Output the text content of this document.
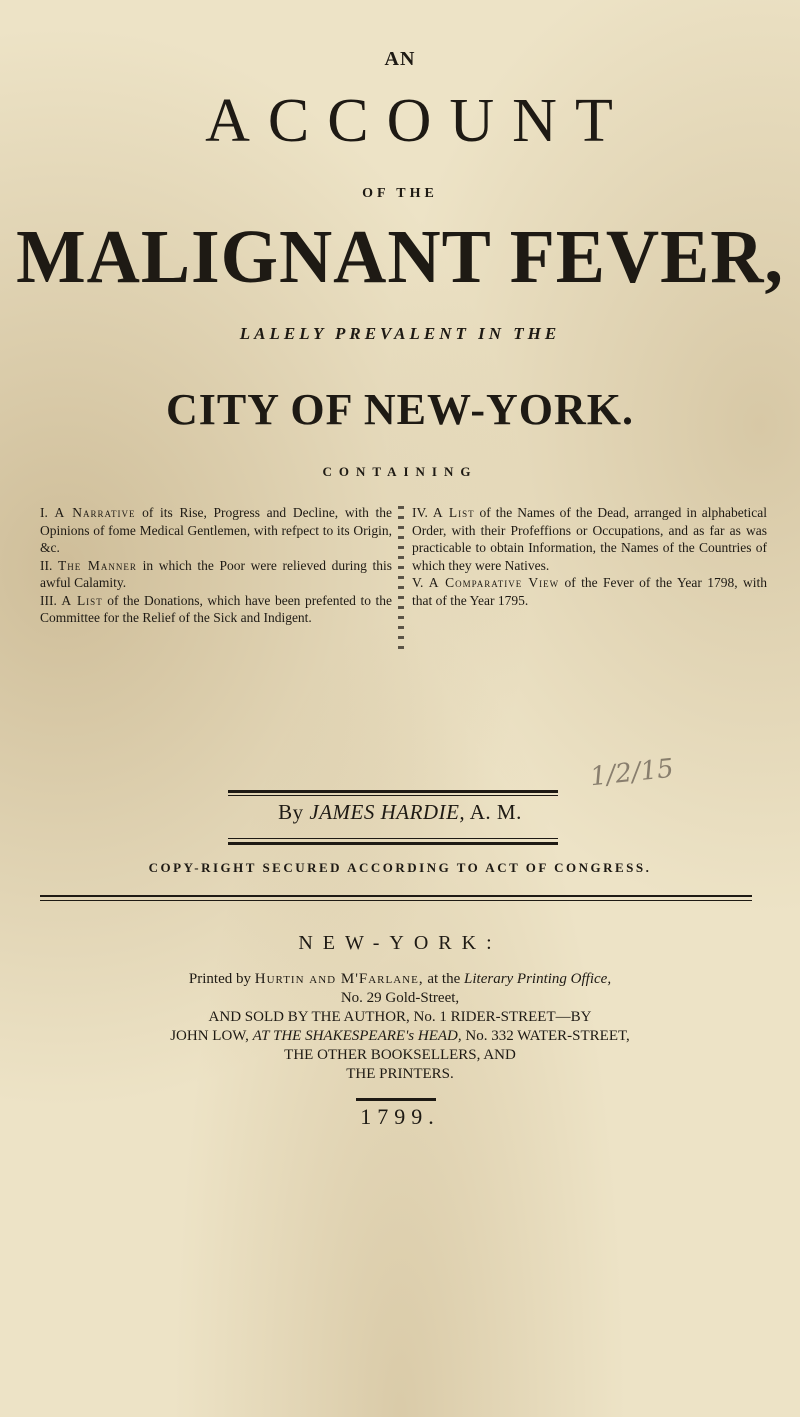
AN
ACCOUNT
OF THE
MALIGNANT FEVER,
LALELY PREVALENT IN THE
CITY OF NEW-YORK.
CONTAINING

I. A Narrative of its Rise, Progress and Decline, with the Opinions of fome Medical Gentlemen, with refpect to its Origin, &c.

II. The Manner in which the Poor were relieved during this awful Calamity.

III. A List of the Donations, which have been prefented to the Committee for the Relief of the Sick and Indigent.

IV. A List of the Names of the Dead, arranged in alphabetical Order, with their Profeffions or Occupations, and as far as was practicable to obtain Information, the Names of the Countries of which they were Natives.

V. A Comparative View of the Fever of the Year 1798, with that of the Year 1795.

1/2/15
By JAMES HARDIE, A. M.
COPY-RIGHT SECURED ACCORDING TO ACT OF CONGRESS.
NEW-YORK:
Printed by Hurtin and M'Farlane, at the Literary Printing Office,
No. 29 Gold-Street,
AND SOLD BY THE AUTHOR, No. 1 RIDER-STREET—BY
JOHN LOW, AT THE SHAKESPEARE's HEAD, No. 332 WATER-STREET,
THE OTHER BOOKSELLERS, AND
THE PRINTERS.
1799.
